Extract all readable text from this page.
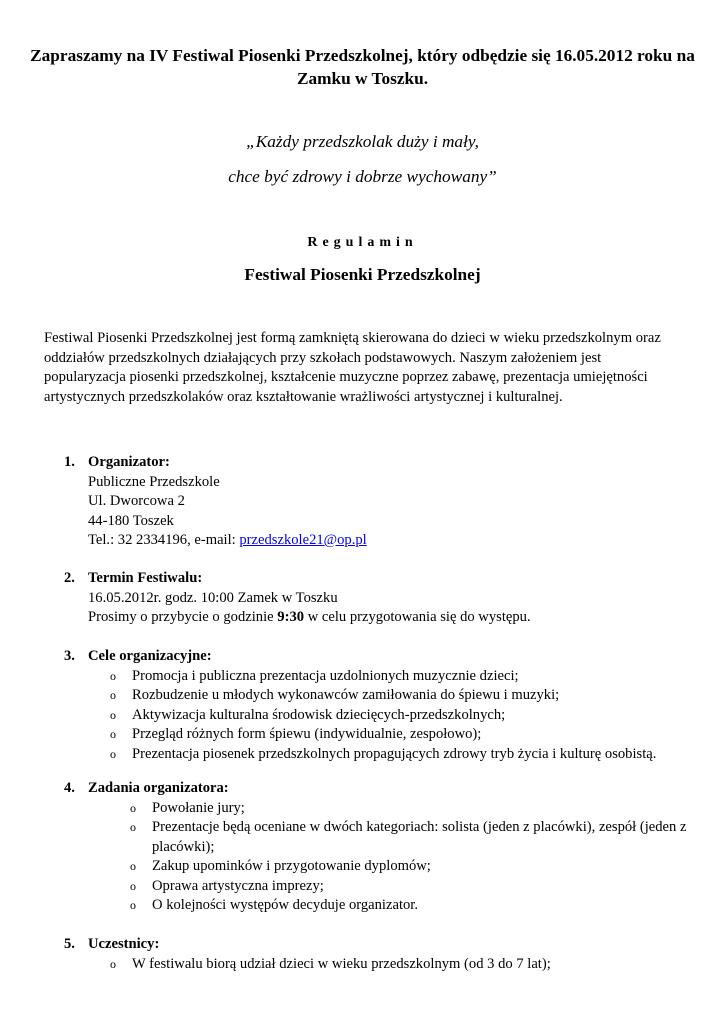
Zapraszamy na IV Festiwal Piosenki Przedszkolnej, który odbędzie się 16.05.2012 roku na Zamku w Toszku.
„Każdy przedszkolak duży i mały,
chce być zdrowy i dobrze wychowany”
Regulamin
Festiwal Piosenki Przedszkolnej
Festiwal Piosenki Przedszkolnej jest formą zamkniętą skierowana do dzieci w wieku przedszkolnym oraz oddziałów przedszkolnych działających przy szkołach podstawowych. Naszym założeniem jest popularyzacja piosenki przedszkolnej, kształcenie muzyczne poprzez zabawę, prezentacja umiejętności artystycznych przedszkolaków oraz kształtowanie wrażliwości artystycznej i kulturalnej.
1. Organizator:
Publiczne Przedszkole
Ul. Dworcowa 2
44-180 Toszek
Tel.: 32 2334196, e-mail: przedszkole21@op.pl
2. Termin Festiwalu:
16.05.2012r. godz. 10:00 Zamek w Toszku
Prosimy o przybycie o godzinie 9:30 w celu przygotowania się do występu.
3. Cele organizacyjne:
o	Promocja i publiczna prezentacja uzdolnionych muzycznie dzieci;
o	Rozbudzenie u młodych wykonawców zamiłowania do śpiewu i muzyki;
o	Aktywizacja kulturalna środowisk dziecięcych-przedszkolnych;
o	Przegląd różnych form śpiewu (indywidualnie, zespołowo);
o	Prezentacja piosenek przedszkolnych propagujących zdrowy tryb życia i kulturę osobistą.
4. Zadania organizatora:
o	Powołanie jury;
o	Prezentacje będą oceniane w dwóch kategoriach: solista (jeden z placówki), zespół (jeden z placówki);
o	Zakup upominków i przygotowanie dyplomów;
o	Oprawa artystyczna imprezy;
o	O kolejności występów decyduje organizator.
5. Uczestnicy:
o	W festiwalu biorą udział dzieci w wieku przedszkolnym (od 3 do 7 lat);
